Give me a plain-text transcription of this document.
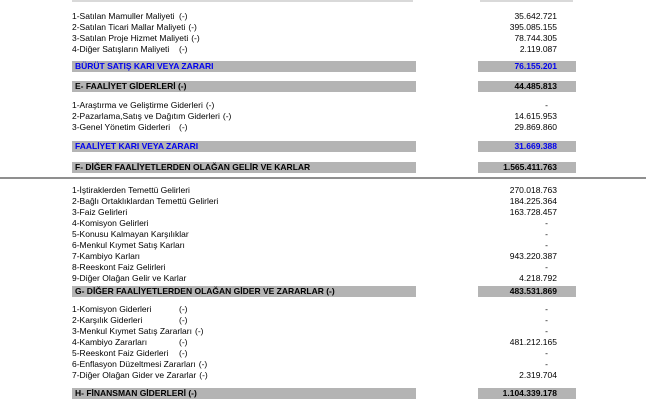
1-Satılan Mamuller Maliyeti (-)	35.642.721
2-Satılan Ticari Mallar Maliyeti (-)	395.085.155
3-Satılan Proje Hizmet Maliyeti (-)	78.744.305
4-Diğer Satışların Maliyeti (-)	2.119.087
BÜRÜT SATIŞ KARI VEYA ZARARI	76.155.201
E- FAALİYET GİDERLERİ (-)	44.485.813
1-Araştırma ve Geliştirme Giderleri (-)	-
2-Pazarlama,Satış ve Dağıtım Giderleri (-)	14.615.953
3-Genel Yönetim Giderleri (-)	29.869.860
FAALİYET KARI VEYA ZARARI	31.669.388
F- DİĞER FAALİYETLERDEN OLAĞAN GELİR VE KARLAR	1.565.411.763
1-İştiraklerden Temettü Gelirleri	270.018.763
2-Bağlı Ortaklıklardan Temettü Gelirleri	184.225.364
3-Faiz Gelirleri	163.728.457
4-Komisyon Gelirleri	-
5-Konusu Kalmayan Karşılıklar	-
6-Menkul Kıymet Satış Karları	-
7-Kambiyo Karları	943.220.387
8-Reeskont Faiz Gelirleri	-
9-Diğer Olağan Gelir ve Karlar	4.218.792
G- DİĞER FAALİYETLERDEN OLAĞAN GİDER VE ZARARLAR (-)	483.531.869
1-Komisyon Giderleri	(-)	-
2-Karşılık Giderleri	(-)	-
3-Menkul Kıymet Satış Zararları (-)	-
4-Kambiyo Zararları	(-)	481.212.165
5-Reeskont Faiz Giderleri (-)	-
6-Enflasyon Düzeltmesi Zararları (-)	-
7-Diğer Olağan Gider ve Zararlar (-)	2.319.704
H- FİNANSMAN GİDERLERİ (-)	1.104.339.178
